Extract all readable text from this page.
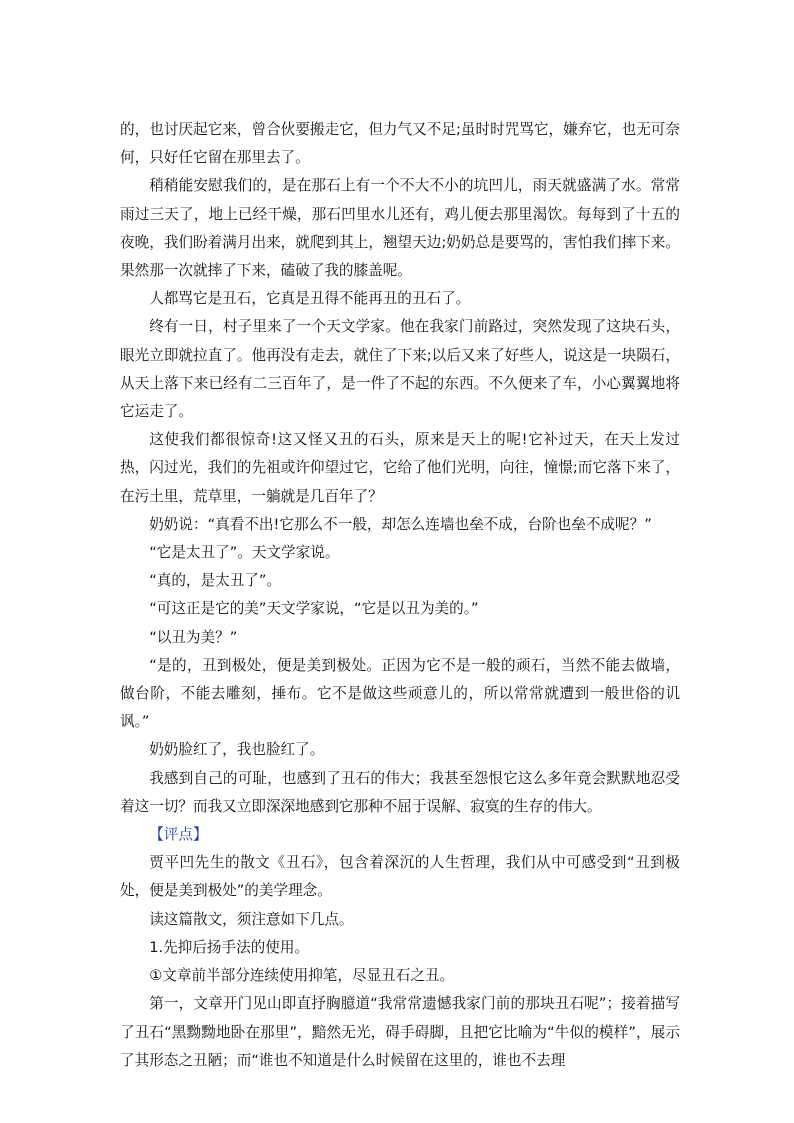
的，也讨厌起它来，曾合伙要搬走它，但力气又不足;虽时时咒骂它，嫌弃它，也无可奈何，只好任它留在那里去了。

稍稍能安慰我们的，是在那石上有一个不大不小的坑凹儿，雨天就盛满了水。常常雨过三天了，地上已经干燥，那石凹里水儿还有，鸡儿便去那里渴饮。每每到了十五的夜晚，我们盼着满月出来，就爬到其上，翘望天边;奶奶总是要骂的，害怕我们摔下来。果然那一次就摔了下来，磕破了我的膝盖呢。

人都骂它是丑石，它真是丑得不能再丑的丑石了。

终有一日，村子里来了一个天文学家。他在我家门前路过，突然发现了这块石头，眼光立即就拉直了。他再没有走去，就住了下来;以后又来了好些人，说这是一块陨石，从天上落下来已经有二三百年了，是一件了不起的东西。不久便来了车，小心翼翼地将它运走了。

这使我们都很惊奇!这又怪又丑的石头，原来是天上的呢!它补过天，在天上发过热，闪过光，我们的先祖或许仰望过它，它给了他们光明，向往，憧憬;而它落下来了，在污土里，荒草里，一躺就是几百年了？

奶奶说：“真看不出!它那么不一般，却怎么连墙也垒不成，台阶也垒不成呢？”

“它是太丑了”。天文学家说。

“真的，是太丑了”。

“可这正是它的美”天文学家说，“它是以丑为美的。”

“以丑为美？”

“是的，丑到极处，便是美到极处。正因为它不是一般的顽石，当然不能去做墙，做台阶，不能去雕刻，捶布。它不是做这些顽意儿的，所以常常就遭到一般世俗的讥讽。”

奶奶脸红了，我也脸红了。

我感到自己的可耻，也感到了丑石的伟大；我甚至怨恨它这么多年竟会默默地忍受着这一切？而我又立即深深地感到它那种不屈于误解、寂寞的生存的伟大。

【评点】

贾平凹先生的散文《丑石》，包含着深沉的人生哲理，我们从中可感受到“丑到极处，便是美到极处”的美学理念。

读这篇散文，须注意如下几点。

1.先抑后扬手法的使用。

①文章前半部分连续使用抑笔，尽显丑石之丑。

第一，文章开门见山即直抒胸臆道“我常常遗憾我家门前的那块丑石呢”；接着描写了丑石“黑黝黝地卧在那里”，黯然无光，碍手碍脚，且把它比喻为“牛似的模样”，展示了其形态之丑陋；而“谁也不知道是什么时候留在这里的，谁也不去理
